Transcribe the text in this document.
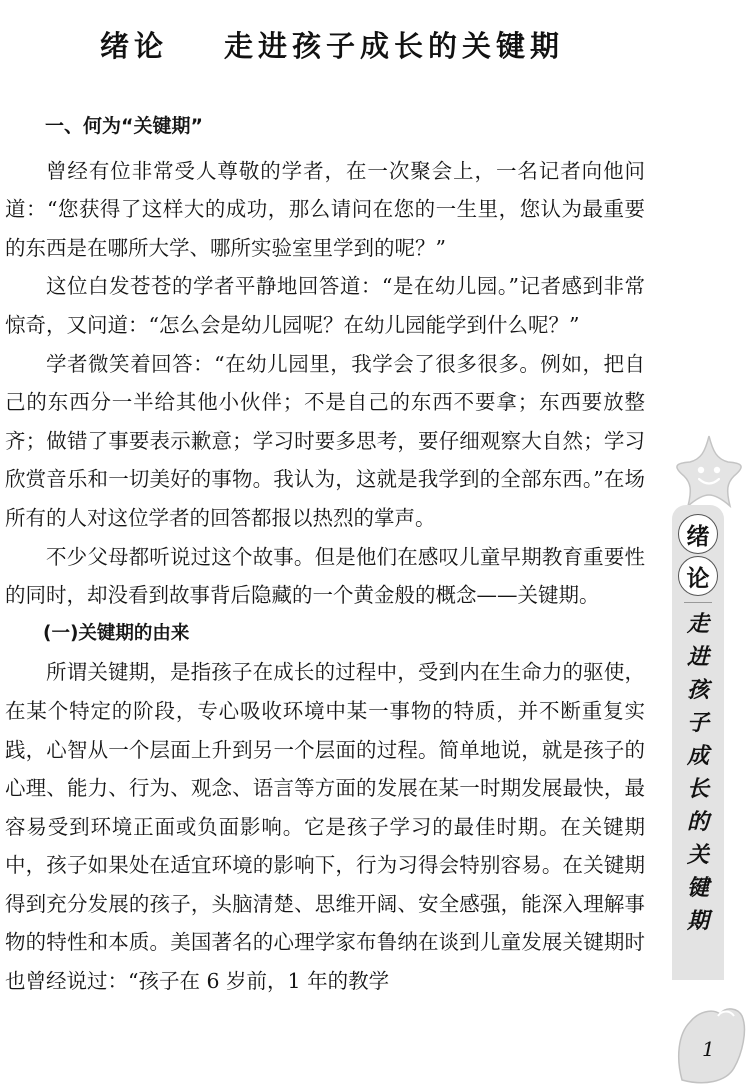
绪论 走进孩子成长的关键期
一、何为“关键期”

曾经有位非常受人尊敬的学者，在一次聚会上，一名记者向他问道：“您获得了这样大的成功，那么请问在您的一生里，您认为最重要的东西是在哪所大学、哪所实验室里学到的呢？”

这位白发苍苍的学者平静地回答道：“是在幼儿园。”记者感到非常惊奇，又问道：“怎么会是幼儿园呢？在幼儿园能学到什么呢？”

学者微笑着回答：“在幼儿园里，我学会了很多很多。例如，把自己的东西分一半给其他小伙伴；不是自己的东西不要拿；东西要放整齐；做错了事要表示歉意；学习时要多思考，要仔细观察大自然；学习欣赏音乐和一切美好的事物。我认为，这就是我学到的全部东西。”在场所有的人对这位学者的回答都报以热烈的掌声。

不少父母都听说过这个故事。但是他们在感叹儿童早期教育重要性的同时，却没看到故事背后隐藏的一个黄金般的概念——关键期。

(一)关键期的由来

所谓关键期，是指孩子在成长的过程中，受到内在生命力的驱使，在某个特定的阶段，专心吸收环境中某一事物的特质，并不断重复实践，心智从一个层面上升到另一个层面的过程。简单地说，就是孩子的心理、能力、行为、观念、语言等方面的发展在某一时期发展最快，最容易受到环境正面或负面影响。它是孩子学习的最佳时期。在关键期中，孩子如果处在适宜环境的影响下，行为习得会特别容易。在关键期得到充分发展的孩子，头脑清楚、思维开阔、安全感强，能深入理解事物的特性和本质。美国著名的心理学家布鲁纳在谈到儿童发展关键期时也曾经说过：“孩子在 6 岁前，1 年的教学

绪
论
走
进
孩
子
成
长
的
关
键
期
1
